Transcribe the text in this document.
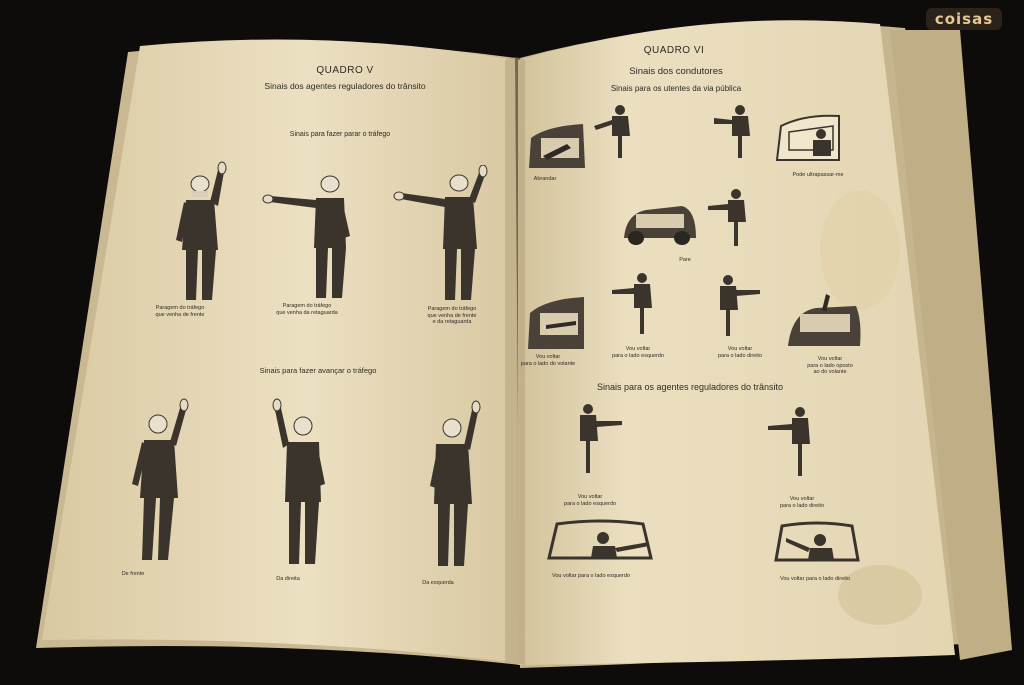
coisas
QUADRO V
Sinais dos agentes reguladores do trânsito
Sinais para fazer parar o tráfego
Paragem do tráfego
que venha de frente
Paragem do tráfego
que venha da retaguarda
Paragem do tráfego
que venha de frente
e da retaguarda
Sinais para fazer avançar o tráfego
De frente
Da direita
Da esquerda
QUADRO VI
Sinais dos condutores
Sinais para os utentes da via pública
Abrandar
Pode ultrapassar-me
Pare
Vou voltar
para o lado do volante
Vou voltar
para o lado esquerdo
Vou voltar
para o lado direito
Vou voltar
para o lado oposto
ao do volante
Sinais para os agentes reguladores do trânsito
Vou voltar
para o lado esquerdo
Vou voltar
para o lado direito
Vou voltar para o lado esquerdo	Vou voltar para o lado direito
